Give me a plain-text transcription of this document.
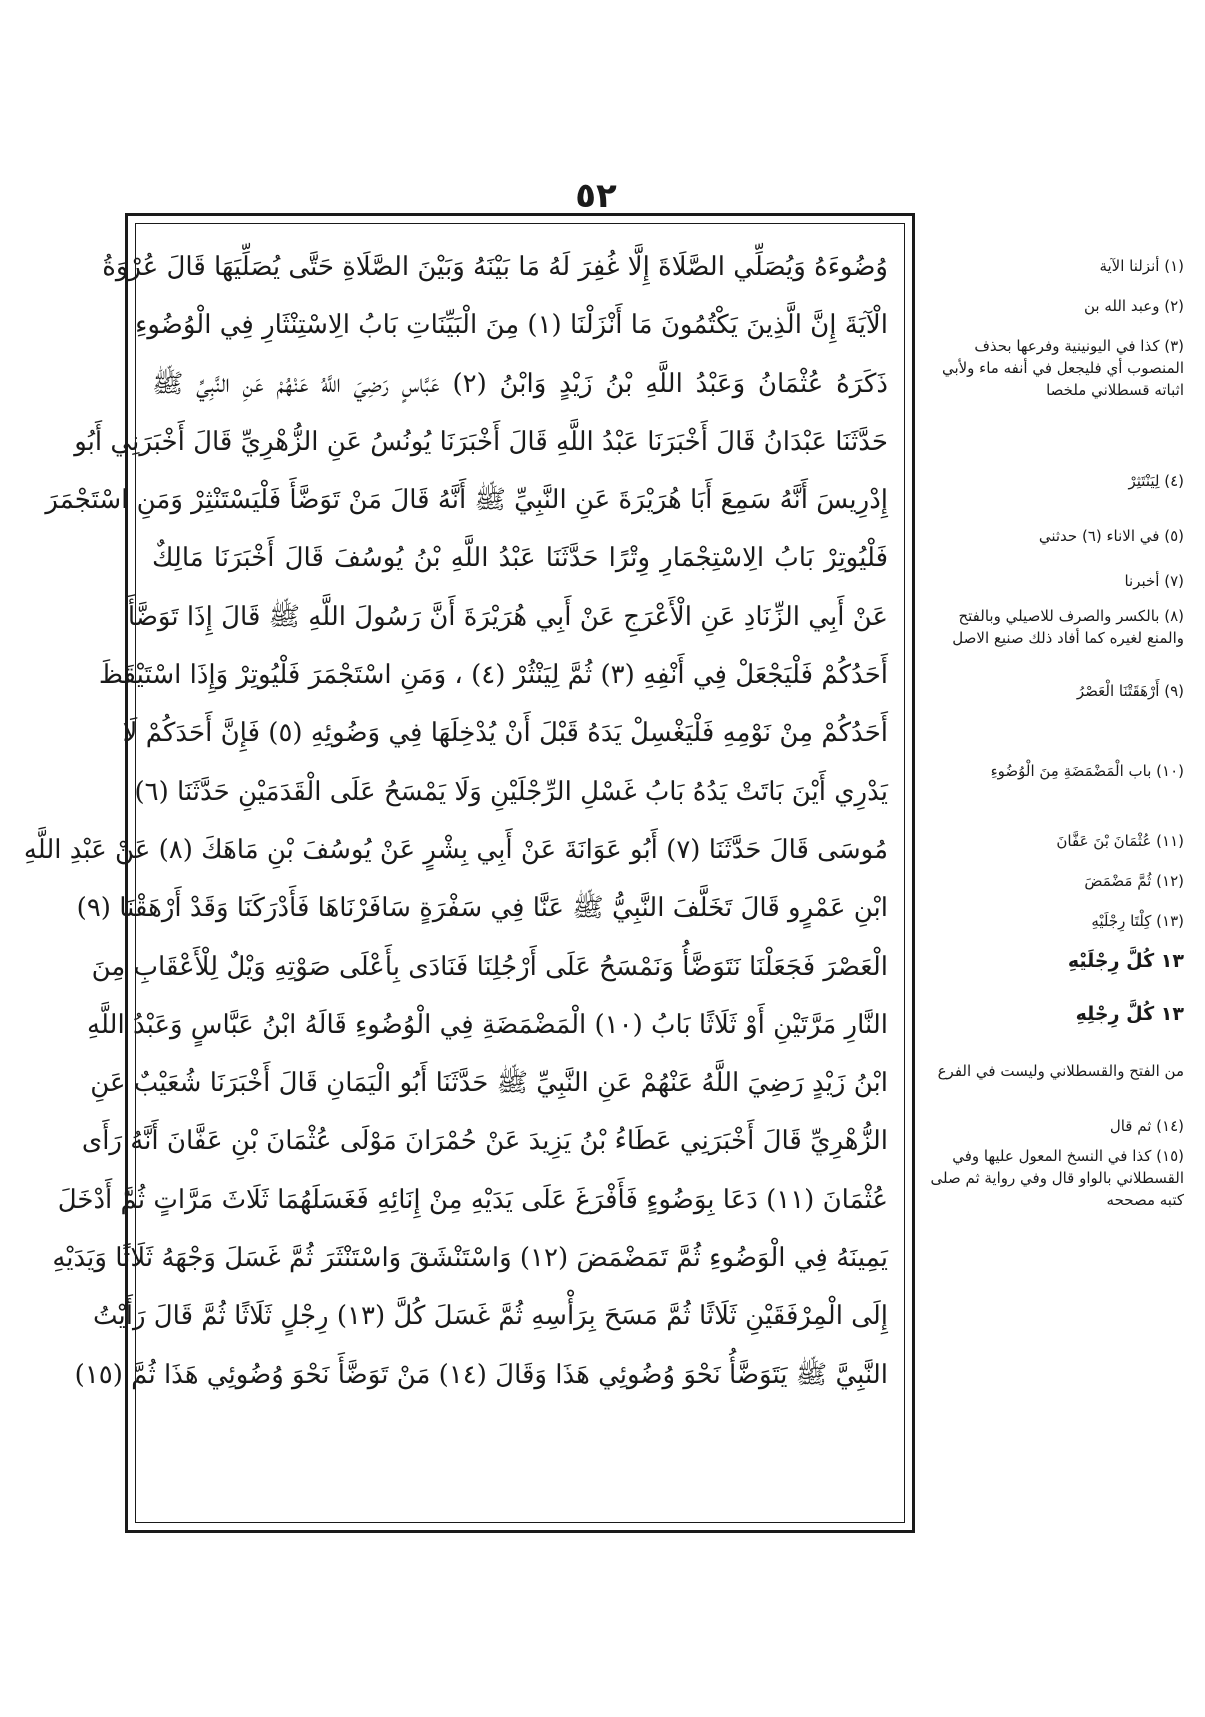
٥٢
وُضُوءَهُ وَيُصَلِّي الصَّلَاةَ إِلَّا غُفِرَ لَهُ مَا بَيْنَهُ وَبَيْنَ الصَّلَاةِ حَتَّى يُصَلِّيَهَا قَالَ عُرْوَةُ
الْآيَةَ إِنَّ الَّذِينَ يَكْتُمُونَ مَا أَنْزَلْنَا (١) مِنَ الْبَيِّنَاتِ بَابُ الِاسْتِنْثَارِ فِي الْوُضُوءِ
ذَكَرَهُ عُثْمَانُ وَعَبْدُ اللَّهِ بْنُ زَيْدٍ وَابْنُ (٢) عَبَّاسٍ رَضِيَ اللَّهُ عَنْهُمْ عَنِ النَّبِيِّ ﷺ
حَدَّثَنَا عَبْدَانُ قَالَ أَخْبَرَنَا عَبْدُ اللَّهِ قَالَ أَخْبَرَنَا يُونُسُ عَنِ الزُّهْرِيِّ قَالَ أَخْبَرَنِي أَبُو
إِدْرِيسَ أَنَّهُ سَمِعَ أَبَا هُرَيْرَةَ عَنِ النَّبِيِّ ﷺ أَنَّهُ قَالَ مَنْ تَوَضَّأَ فَلْيَسْتَنْثِرْ وَمَنِ اسْتَجْمَرَ
فَلْيُوتِرْ بَابُ الِاسْتِجْمَارِ وِتْرًا حَدَّثَنَا عَبْدُ اللَّهِ بْنُ يُوسُفَ قَالَ أَخْبَرَنَا مَالِكٌ
عَنْ أَبِي الزِّنَادِ عَنِ الْأَعْرَجِ عَنْ أَبِي هُرَيْرَةَ أَنَّ رَسُولَ اللَّهِ ﷺ قَالَ إِذَا تَوَضَّأَ
أَحَدُكُمْ فَلْيَجْعَلْ فِي أَنْفِهِ (٣) ثُمَّ لِيَنْثُرْ (٤) ، وَمَنِ اسْتَجْمَرَ فَلْيُوتِرْ وَإِذَا اسْتَيْقَظَ
أَحَدُكُمْ مِنْ نَوْمِهِ فَلْيَغْسِلْ يَدَهُ قَبْلَ أَنْ يُدْخِلَهَا فِي وَضُوئِهِ (٥) فَإِنَّ أَحَدَكُمْ لَا
يَدْرِي أَيْنَ بَاتَتْ يَدُهُ بَابُ غَسْلِ الرِّجْلَيْنِ وَلَا يَمْسَحُ عَلَى الْقَدَمَيْنِ حَدَّثَنَا (٦)
مُوسَى قَالَ حَدَّثَنَا (٧) أَبُو عَوَانَةَ عَنْ أَبِي بِشْرٍ عَنْ يُوسُفَ بْنِ مَاهَكَ (٨) عَنْ عَبْدِ اللَّهِ
ابْنِ عَمْرٍو قَالَ تَخَلَّفَ النَّبِيُّ ﷺ عَنَّا فِي سَفْرَةٍ سَافَرْنَاهَا فَأَدْرَكَنَا وَقَدْ أَرْهَقْنَا (٩)
الْعَصْرَ فَجَعَلْنَا نَتَوَضَّأُ وَنَمْسَحُ عَلَى أَرْجُلِنَا فَنَادَى بِأَعْلَى صَوْتِهِ وَيْلٌ لِلْأَعْقَابِ مِنَ
النَّارِ مَرَّتَيْنِ أَوْ ثَلَاثًا بَابُ (١٠) الْمَضْمَضَةِ فِي الْوُضُوءِ قَالَهُ ابْنُ عَبَّاسٍ وَعَبْدُ اللَّهِ
ابْنُ زَيْدٍ رَضِيَ اللَّهُ عَنْهُمْ عَنِ النَّبِيِّ ﷺ حَدَّثَنَا أَبُو الْيَمَانِ قَالَ أَخْبَرَنَا شُعَيْبٌ عَنِ
الزُّهْرِيِّ قَالَ أَخْبَرَنِي عَطَاءُ بْنُ يَزِيدَ عَنْ حُمْرَانَ مَوْلَى عُثْمَانَ بْنِ عَفَّانَ أَنَّهُ رَأَى
عُثْمَانَ (١١) دَعَا بِوَضُوءٍ فَأَفْرَغَ عَلَى يَدَيْهِ مِنْ إِنَائِهِ فَغَسَلَهُمَا ثَلَاثَ مَرَّاتٍ ثُمَّ أَدْخَلَ
يَمِينَهُ فِي الْوَضُوءِ ثُمَّ تَمَضْمَضَ (١٢) وَاسْتَنْشَقَ وَاسْتَنْثَرَ ثُمَّ غَسَلَ وَجْهَهُ ثَلَاثًا وَيَدَيْهِ
إِلَى الْمِرْفَقَيْنِ ثَلَاثًا ثُمَّ مَسَحَ بِرَأْسِهِ ثُمَّ غَسَلَ كُلَّ (١٣) رِجْلٍ ثَلَاثًا ثُمَّ قَالَ رَأَيْتُ
النَّبِيَّ ﷺ يَتَوَضَّأُ نَحْوَ وُضُوئِي هَذَا وَقَالَ (١٤) مَنْ تَوَضَّأَ نَحْوَ وُضُوئِي هَذَا ثُمَّ (١٥)
(١) أنزلنا الآية
(٢) وعبد الله بن
(٣) كذا في اليونينية وفرعها بحذف المنصوب أي فليجعل في أنفه ماء ولأبي اثباته قسطلاني ملخصا
(٤) لِيَنْتَثِرْ
(٥) في الاناء (٦) حدثني
(٧) أخبرنا
(٨) بالكسر والصرف للاصيلي وبالفتح والمنع لغيره كما أفاد ذلك صنيع الاصل
(٩) أَرْهَقَتْنَا الْعَصْرُ
(١٠) باب الْمَضْمَضَةِ مِنَ الْوُضُوءِ
(١١) عُثْمَانَ بْنَ عَفَّانَ
(١٢) ثُمَّ مَضْمَضَ
(١٣) كِلْتَا رِجْلَيْهِ
١٣ كُلَّ رِجْلَيْهِ
١٣ كُلَّ رِجْلِهِ
من الفتح والقسطلاني وليست في الفرع
(١٤) ثم قال
(١٥) كذا في النسخ المعول عليها وفي القسطلاني بالواو قال وفي رواية ثم صلى كتبه مصححه
